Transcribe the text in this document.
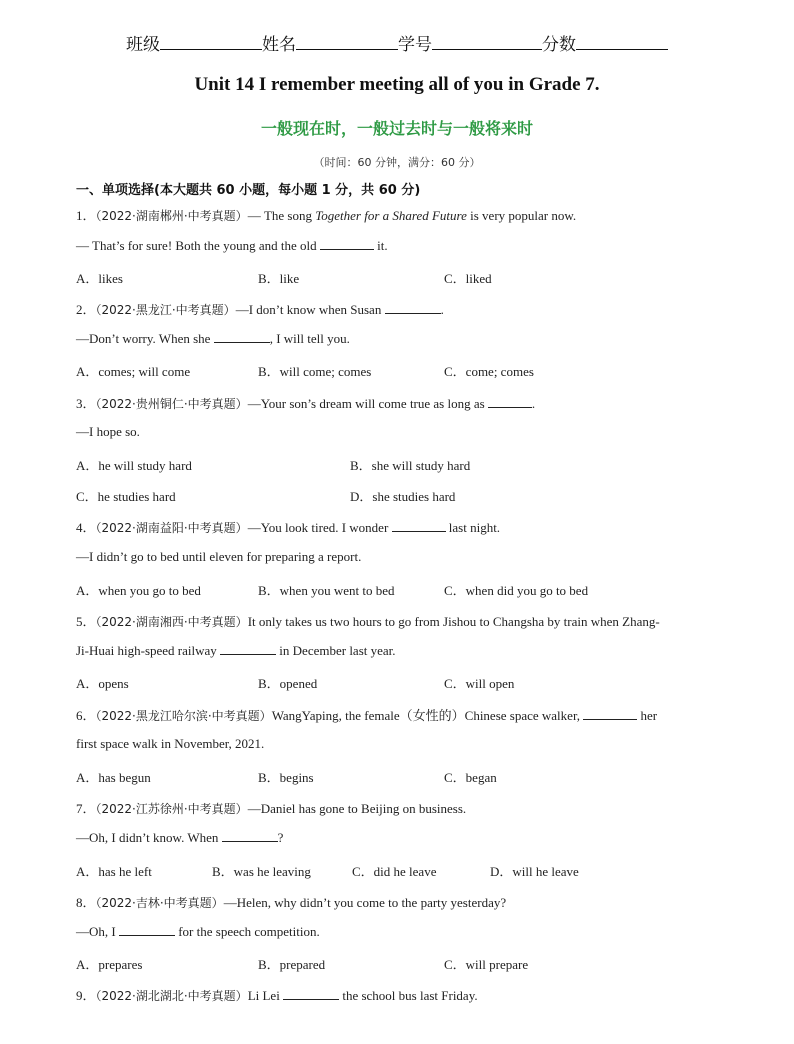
班级	姓名	学号	分数
Unit 14 I remember meeting all of you in Grade 7.
一般现在时，一般过去时与一般将来时
（时间：60 分钟，满分：60 分）
一、单项选择(本大题共 60 小题，每小题 1 分，共 60 分)
1．（2022·湖南郴州·中考真题）— The song Together for a Shared Future is very popular now.
— That’s for sure! Both the young and the old	it.
A．likes	B．like	C．liked
2．（2022·黑龙江·中考真题）—I don’t know when Susan	.
—Don’t worry. When she	, I will tell you.
A．comes; will come	B．will come; comes	C．come; comes
3．（2022·贵州铜仁·中考真题）—Your son’s dream will come true as long as	.
—I hope so.
A．he will study hard	B．she will study hard
C．he studies hard	D．she studies hard
4．（2022·湖南益阳·中考真题）—You look tired. I wonder	last night.
—I didn’t go to bed until eleven for preparing a report.
A．when you go to bed	B．when you went to bed	C．when did you go to bed
5．（2022·湖南湘西·中考真题）It only takes us two hours to go from Jishou to Changsha by train when Zhang-
Ji-Huai high-speed railway	in December last year.
A．opens	B．opened	C．will open
6．（2022·黑龙江哈尔滨·中考真题）WangYaping, the female（女性的）Chinese space walker,	her
first space walk in November, 2021.
A．has begun	B．begins	C．began
7．（2022·江苏徐州·中考真题）—Daniel has gone to Beijing on business.
—Oh, I didn’t know. When	?
A．has he left	B．was he leaving	C．did he leave	D．will he leave
8．（2022·吉林·中考真题）—Helen, why didn’t you come to the party yesterday?
—Oh, I	for the speech competition.
A．prepares	B．prepared	C．will prepare
9．（2022·湖北湖北·中考真题）Li Lei	the school bus last Friday.
